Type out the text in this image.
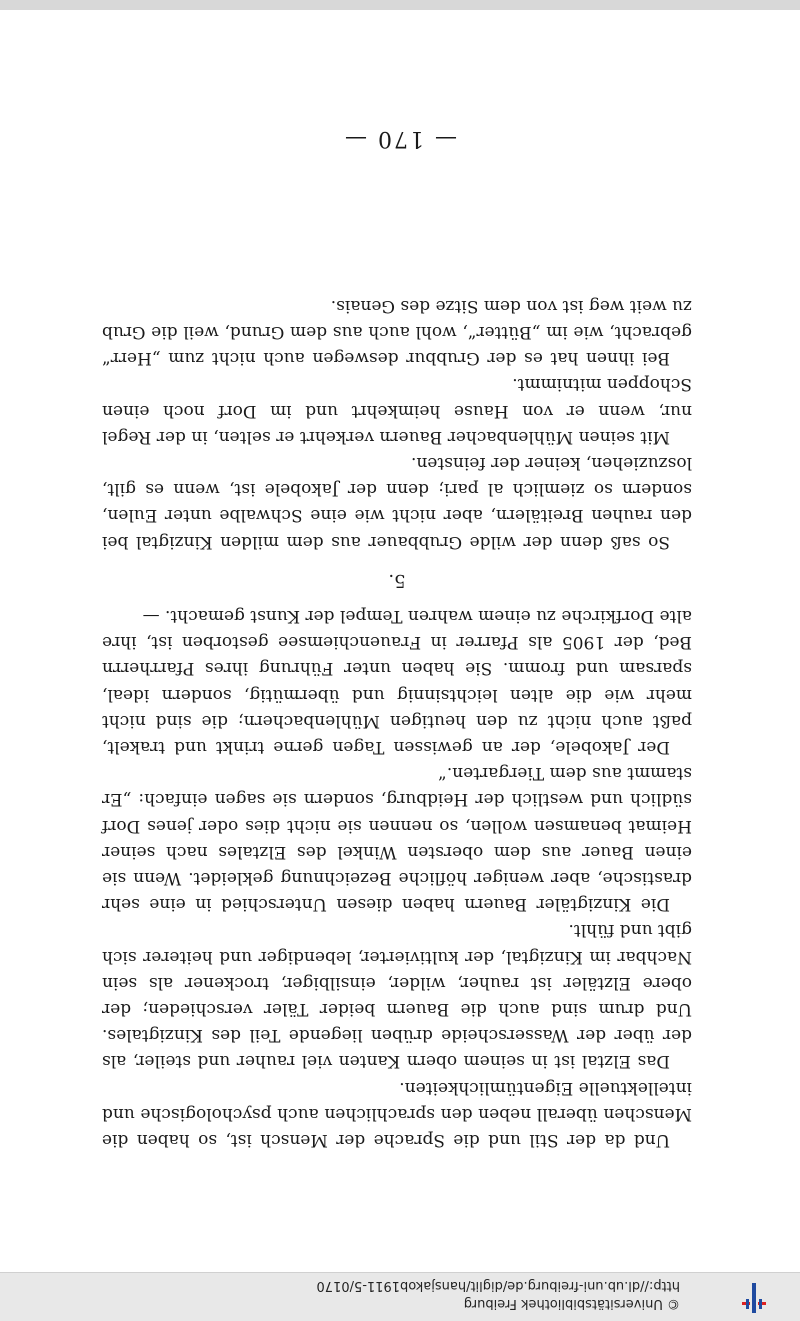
© Universitätsbibliothek Freiburg
http://dl.ub.uni-freiburg.de/diglit/hansjakob1911-5/0170
— 170 —

Und da der Stil und die Sprache der Mensch ist, so haben die Menschen überall neben den sprachlichen auch psychologische und intellektuelle Eigentümlichkeiten.

Das Elztal ist in seinem obern Kanten viel rauher und steiler, als der über der Wasserscheide drüben liegende Teil des Kinzigtales. Und drum sind auch die Bauern beider Täler verschieden; der obere Elztäler ist rauher, wilder, einsilbiger, trockener als sein Nachbar im Kinzigtal, der kultivierter, lebendiger und heiterer sich gibt und fühlt.

Die Kinzigtäler Bauern haben diesen Unterschied in eine sehr drastische, aber weniger höfliche Bezeichnung gekleidet. Wenn sie einen Bauer aus dem obersten Winkel des Elztales nach seiner Heimat benamsen wollen, so nennen sie nicht dies oder jenes Dorf südlich und westlich der Heidburg, sondern sie sagen einfach: „Er stammt aus dem Tiergarten.“

Der Jakobele, der an gewissen Tagen gerne trinkt und trakelt, paßt auch nicht zu den heutigen Mühlenbachern; die sind nicht mehr wie die alten leichtsinnig und übermütig, sondern ideal, sparsam und fromm. Sie haben unter Führung ihres Pfarrherrn Bed, der 1905 als Pfarrer in Frauenchiemsee gestorben ist, ihre alte Dorfkirche zu einem wahren Tempel der Kunst gemacht. —

5.

So saß denn der wilde Grubbauer aus dem milden Kinzigtal bei den rauhen Breitälern, aber nicht wie eine Schwalbe unter Eulen, sondern so ziemlich al pari; denn der Jakobele ist, wenn es gilt, loszuziehen, keiner der feinsten.

Mit seinen Mühlenbacher Bauern verkehrt er selten, in der Regel nur, wenn er von Hause heimkehrt und im Dorf noch einen Schoppen mitnimmt.

Bei ihnen hat es der Grubbur deswegen auch nicht zum „Herr“ gebracht, wie im „Bütter“, wohl auch aus dem Grund, weil die Grub zu weit weg ist von dem Sitze des Genais.
